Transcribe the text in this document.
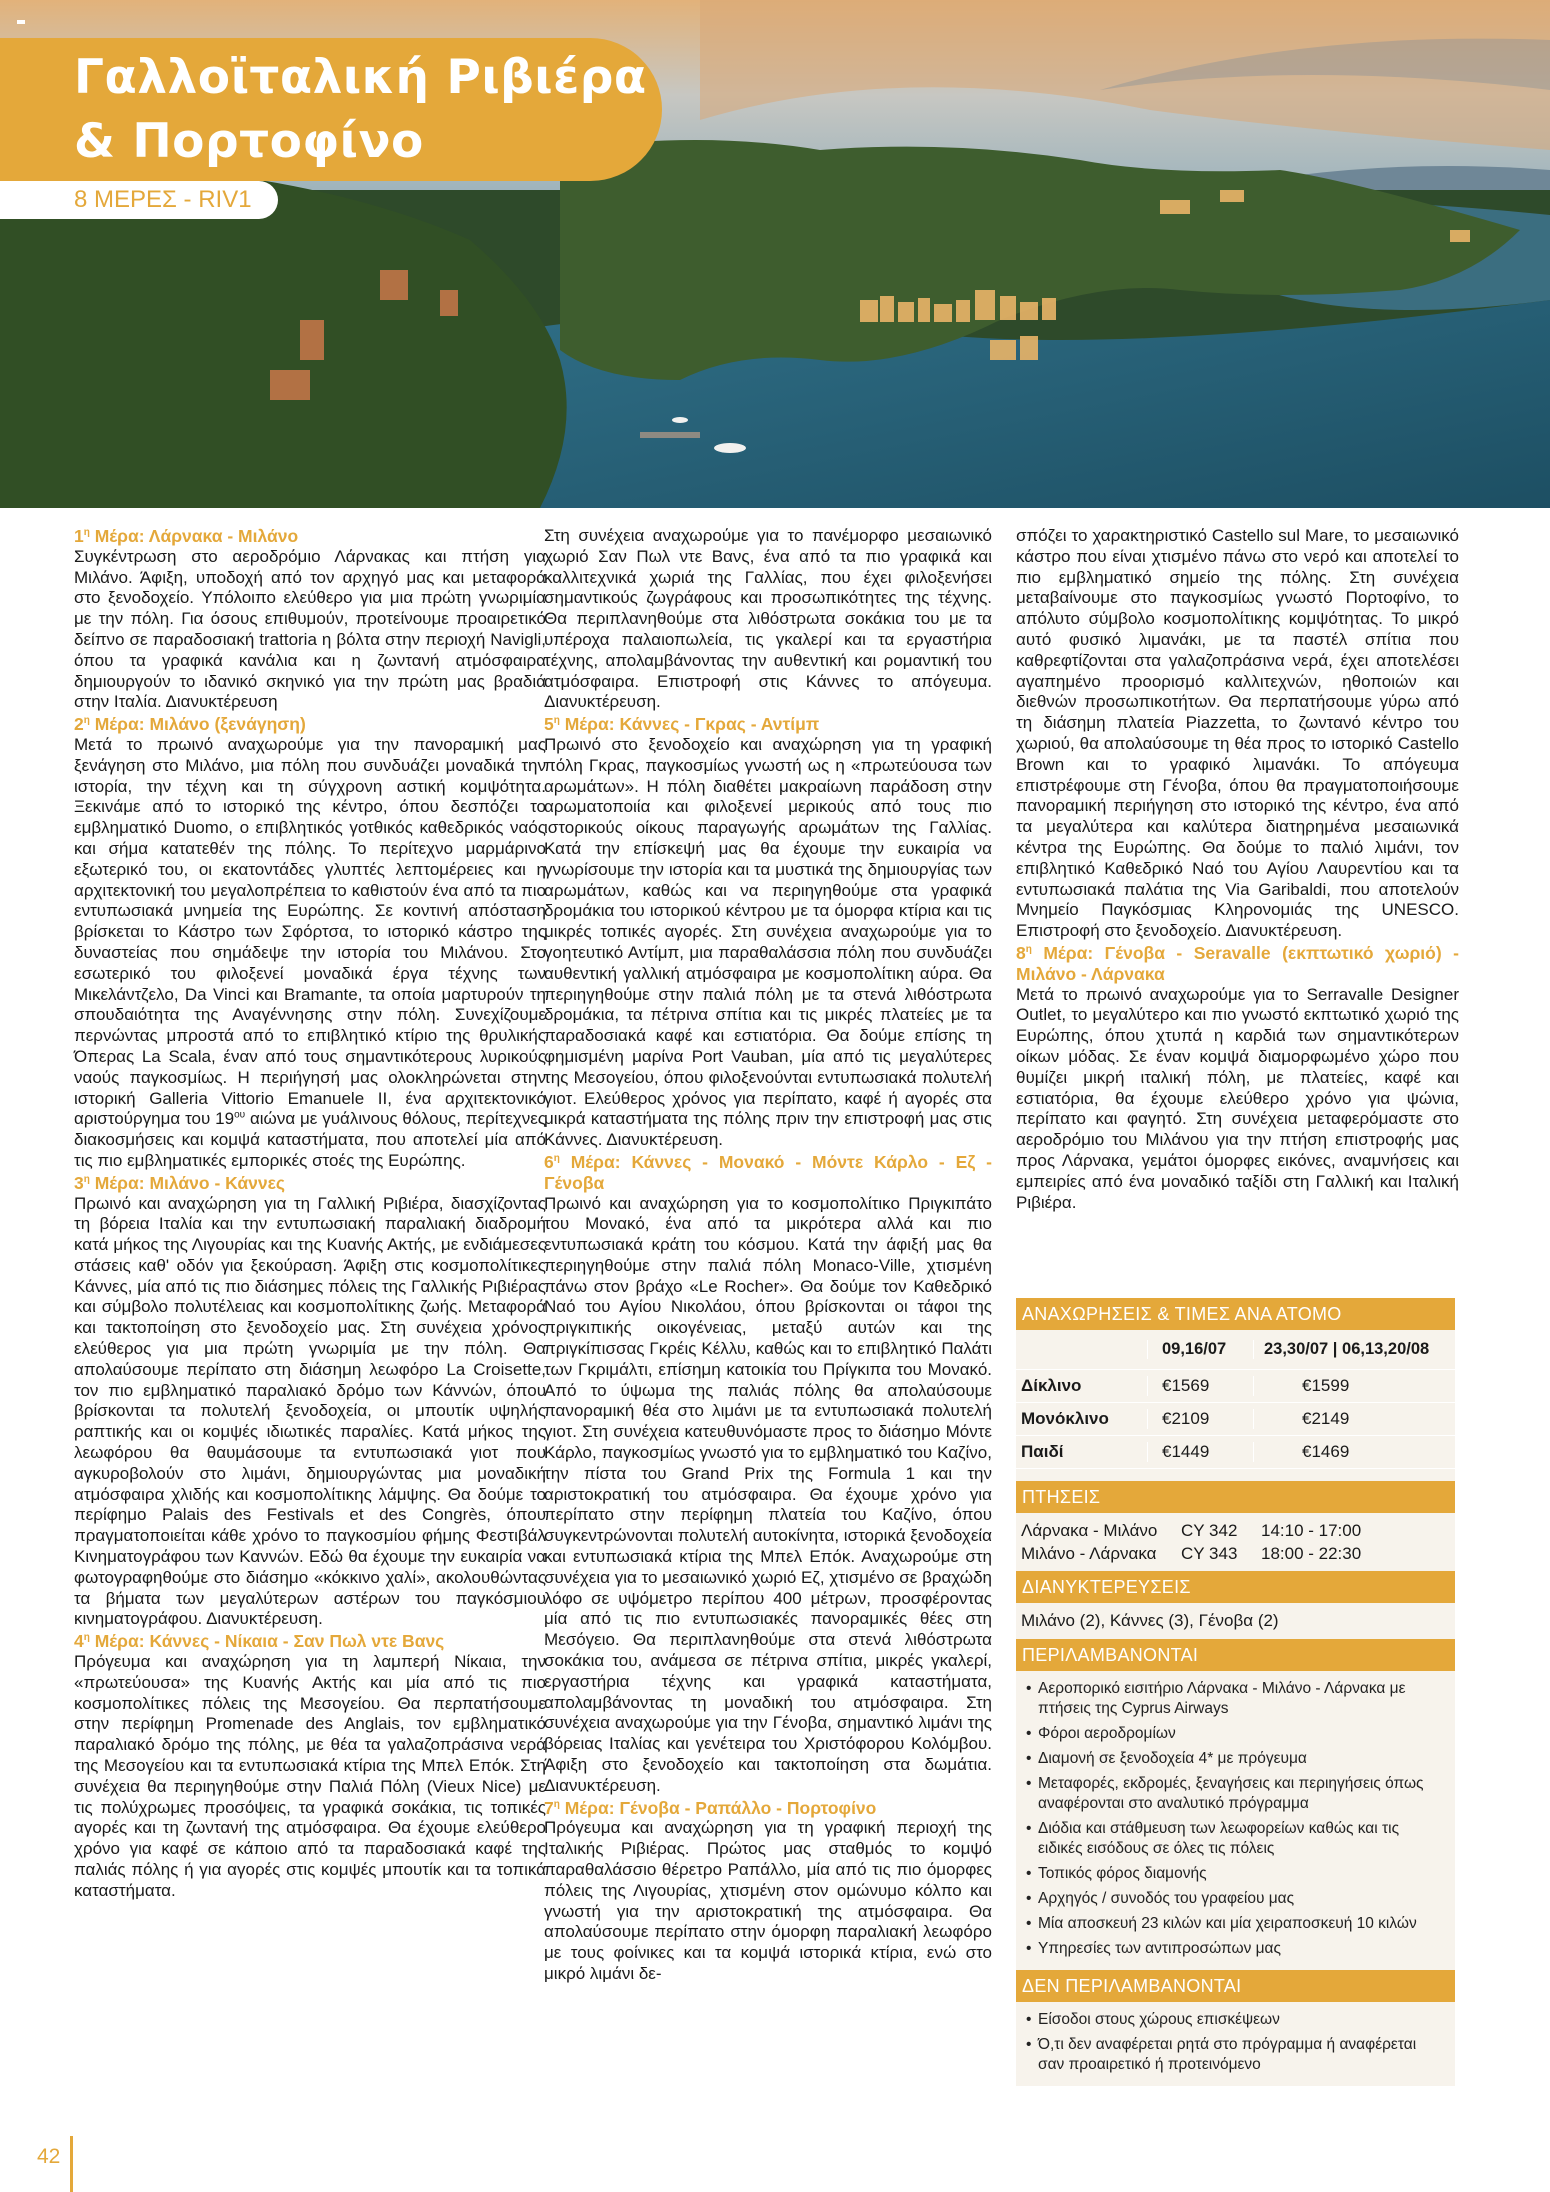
Γαλλοϊταλική Ριβιέρα
& Πορτοφίνο
8 ΜΕΡΕΣ - RIV1
$1^\eta$ Μέρα: Λάρνακα - Μιλάνο
Συγκέντρωση στο αεροδρόμιο Λάρνακας και πτήση για Μιλάνο. Άφιξη, υποδοχή από τον αρχηγό μας και μεταφορά στο ξενοδοχείο. Υπόλοιπο ελεύθερο για μια πρώτη γνωριμία με την πόλη. Για όσους επιθυμούν, προτείνουμε προαιρετικό δείπνο σε παραδοσιακή trattoria η βόλτα στην περιοχή Navigli, όπου τα γραφικά κανάλια και η ζωντανή ατμόσφαιρα δημιουργούν το ιδανικό σκηνικό για την πρώτη μας βραδιά στην Ιταλία. Διανυκτέρευση
$2^\eta$ Μέρα: Μιλάνο (ξενάγηση)
Μετά το πρωινό αναχωρούμε για την πανοραμική μας ξενάγηση στο Μιλάνο, μια πόλη που συνδυάζει μοναδικά την ιστορία, την τέχνη και τη σύγχρονη αστική κομψότητα. Ξεκινάμε από το ιστορικό της κέντρο, όπου δεσπόζει το εμβληματικό Duomo, ο επιβλητικός γοτθικός καθεδρικός ναός και σήμα κατατεθέν της πόλης. Το περίτεχνο μαρμάρινο εξωτερικό του, οι εκατοντάδες γλυπτές λεπτομέρειες και η αρχιτεκτονική του μεγαλοπρέπεια το καθιστούν ένα από τα πιο εντυπωσιακά μνημεία της Ευρώπης. Σε κοντινή απόσταση βρίσκεται το Κάστρο των Σφόρτσα, το ιστορικό κάστρο της δυναστείας που σημάδεψε την ιστορία του Μιλάνου. Στο εσωτερικό του φιλοξενεί μοναδικά έργα τέχνης των Μικελάντζελο, Da Vinci και Bramante, τα οποία μαρτυρούν τη σπουδαιότητα της Αναγέννησης στην πόλη. Συνεχίζουμε περνώντας μπροστά από το επιβλητικό κτίριο της θρυλικής Όπερας La Scala, έναν από τους σημαντικότερους λυρικούς ναούς παγκοσμίως. Η περιήγησή μας ολοκληρώνεται στην ιστορική Galleria Vittorio Emanuele II, ένα αρχιτεκτονικό αριστούργημα του $19^{o\upsilon}$ αιώνα με γυάλινους θόλους, περίτεχνες διακοσμήσεις και κομψά καταστήματα, που αποτελεί μία από τις πιο εμβληματικές εμπορικές στοές της Ευρώπης.
$3^\eta$ Μέρα: Μιλάνο - Κάννες
Πρωινό και αναχώρηση για τη Γαλλική Ριβιέρα, διασχίζοντας τη βόρεια Ιταλία και την εντυπωσιακή παραλιακή διαδρομή κατά μήκος της Λιγουρίας και της Κυανής Ακτής, με ενδιάμεσες στάσεις καθ' οδόν για ξεκούραση. Άφιξη στις κοσμοπολίτικες Κάννες, μία από τις πιο διάσημες πόλεις της Γαλλικής Ριβιέρας και σύμβολο πολυτέλειας και κοσμοπολίτικης ζωής. Μεταφορά και τακτοποίηση στο ξενοδοχείο μας. Στη συνέχεια χρόνος ελεύθερος για μια πρώτη γνωριμία με την πόλη. Θα απολαύσουμε περίπατο στη διάσημη λεωφόρο La Croisette, τον πιο εμβληματικό παραλιακό δρόμο των Κάννών, όπου βρίσκονται τα πολυτελή ξενοδοχεία, οι μπουτίκ υψηλής ραπτικής και οι κομψές ιδιωτικές παραλίες. Κατά μήκος της λεωφόρου θα θαυμάσουμε τα εντυπωσιακά γιοτ που αγκυροβολούν στο λιμάνι, δημιουργώντας μια μοναδική ατμόσφαιρα χλιδής και κοσμοπολίτικης λάμψης. Θα δούμε το περίφημο Palais des Festivals et des Congrès, όπου πραγματοποιείται κάθε χρόνο το παγκοσμίου φήμης Φεστιβάλ Κινηματογράφου των Καννών. Εδώ θα έχουμε την ευκαιρία να φωτογραφηθούμε στο διάσημο «κόκκινο χαλί», ακολουθώντας τα βήματα των μεγαλύτερων αστέρων του παγκόσμιου κινηματογράφου. Διανυκτέρευση.
$4^\eta$ Μέρα: Κάννες - Νίκαια - Σαν Πωλ ντε Βανς
Πρόγευμα και αναχώρηση για τη λαμπερή Νίκαια, την «πρωτεύουσα» της Κυανής Ακτής και μία από τις πιο κοσμοπολίτικες πόλεις της Μεσογείου. Θα περπατήσουμε στην περίφημη Promenade des Anglais, τον εμβληματικό παραλιακό δρόμο της πόλης, με θέα τα γαλαζοπράσινα νερά της Μεσογείου και τα εντυπωσιακά κτίρια της Μπελ Επόκ. Στη συνέχεια θα περιηγηθούμε στην Παλιά Πόλη (Vieux Nice) με τις πολύχρωμες προσόψεις, τα γραφικά σοκάκια, τις τοπικές αγορές και τη ζωντανή της ατμόσφαιρα. Θα έχουμε ελεύθερο χρόνο για καφέ σε κάποιο από τα παραδοσιακά καφέ της παλιάς πόλης ή για αγορές στις κομψές μπουτίκ και τα τοπικά καταστήματα.
Στη συνέχεια αναχωρούμε για το πανέμορφο μεσαιωνικό χωριό Σαν Πωλ ντε Βανς, ένα από τα πιο γραφικά και καλλιτεχνικά χωριά της Γαλλίας, που έχει φιλοξενήσει σημαντικούς ζωγράφους και προσωπικότητες της τέχνης. Θα περιπλανηθούμε στα λιθόστρωτα σοκάκια του με τα υπέροχα παλαιοπωλεία, τις γκαλερί και τα εργαστήρια τέχνης, απολαμβάνοντας την αυθεντική και ρομαντική του ατμόσφαιρα. Επιστροφή στις Κάννες το απόγευμα. Διανυκτέρευση.
$5^\eta$ Μέρα: Κάννες - Γκρας - Αντίμπ
Πρωινό στο ξενοδοχείο και αναχώρηση για τη γραφική πόλη Γκρας, παγκοσμίως γνωστή ως η «πρωτεύουσα των αρωμάτων». Η πόλη διαθέτει μακραίωνη παράδοση στην αρωματοποιία και φιλοξενεί μερικούς από τους πιο ιστορικούς οίκους παραγωγής αρωμάτων της Γαλλίας. Κατά την επίσκεψή μας θα έχουμε την ευκαιρία να γνωρίσουμε την ιστορία και τα μυστικά της δημιουργίας των αρωμάτων, καθώς και να περιηγηθούμε στα γραφικά δρομάκια του ιστορικού κέντρου με τα όμορφα κτίρια και τις μικρές τοπικές αγορές. Στη συνέχεια αναχωρούμε για το γοητευτικό Αντίμπ, μια παραθαλάσσια πόλη που συνδυάζει αυθεντική γαλλική ατμόσφαιρα με κοσμοπολίτικη αύρα. Θα περιηγηθούμε στην παλιά πόλη με τα στενά λιθόστρωτα δρομάκια, τα πέτρινα σπίτια και τις μικρές πλατείες με τα παραδοσιακά καφέ και εστιατόρια. Θα δούμε επίσης τη φημισμένη μαρίνα Port Vauban, μία από τις μεγαλύτερες της Μεσογείου, όπου φιλοξενούνται εντυπωσιακά πολυτελή γιοτ. Ελεύθερος χρόνος για περίπατο, καφέ ή αγορές στα μικρά καταστήματα της πόλης πριν την επιστροφή μας στις Κάννες. Διανυκτέρευση.
$6^\eta$ Μέρα: Κάννες - Μονακό - Μόντε Κάρλο - Εζ - Γένοβα
Πρωινό και αναχώρηση για το κοσμοπολίτικο Πριγκιπάτο του Μονακό, ένα από τα μικρότερα αλλά και πιο εντυπωσιακά κράτη του κόσμου. Κατά την άφιξή μας θα περιηγηθούμε στην παλιά πόλη Monaco-Ville, χτισμένη πάνω στον βράχο «Le Rocher». Θα δούμε τον Καθεδρικό Ναό του Αγίου Νικολάου, όπου βρίσκονται οι τάφοι της πριγκιπικής οικογένειας, μεταξύ αυτών και της πριγκίπισσας Γκρέις Κέλλυ, καθώς και το επιβλητικό Παλάτι των Γκριμάλτι, επίσημη κατοικία του Πρίγκιπα του Μονακό. Από το ύψωμα της παλιάς πόλης θα απολαύσουμε πανοραμική θέα στο λιμάνι με τα εντυπωσιακά πολυτελή γιοτ. Στη συνέχεια κατευθυνόμαστε προς το διάσημο Μόντε Κάρλο, παγκοσμίως γνωστό για το εμβληματικό του Καζίνο, την πίστα του Grand Prix της Formula 1 και την αριστοκρατική του ατμόσφαιρα. Θα έχουμε χρόνο για περίπατο στην περίφημη πλατεία του Καζίνο, όπου συγκεντρώνονται πολυτελή αυτοκίνητα, ιστορικά ξενοδοχεία και εντυπωσιακά κτίρια της Μπελ Επόκ. Αναχωρούμε στη συνέχεια για το μεσαιωνικό χωριό Εζ, χτισμένο σε βραχώδη λόφο σε υψόμετρο περίπου 400 μέτρων, προσφέροντας μία από τις πιο εντυπωσιακές πανοραμικές θέες στη Μεσόγειο. Θα περιπλανηθούμε στα στενά λιθόστρωτα σοκάκια του, ανάμεσα σε πέτρινα σπίτια, μικρές γκαλερί, εργαστήρια τέχνης και γραφικά καταστήματα, απολαμβάνοντας τη μοναδική του ατμόσφαιρα. Στη συνέχεια αναχωρούμε για την Γένοβα, σημαντικό λιμάνι της βόρειας Ιταλίας και γενέτειρα του Χριστόφορου Κολόμβου. Άφιξη στο ξενοδοχείο και τακτοποίηση στα δωμάτια. Διανυκτέρευση.
$7^\eta$ Μέρα: Γένοβα - Ραπάλλο - Πορτοφίνο
Πρόγευμα και αναχώρηση για τη γραφική περιοχή της Ιταλικής Ριβιέρας. Πρώτος μας σταθμός το κομψό παραθαλάσσιο θέρετρο Ραπάλλο, μία από τις πιο όμορφες πόλεις της Λιγουρίας, χτισμένη στον ομώνυμο κόλπο και γνωστή για την αριστοκρατική της ατμόσφαιρα. Θα απολαύσουμε περίπατο στην όμορφη παραλιακή λεωφόρο με τους φοίνικες και τα κομψά ιστορικά κτίρια, ενώ στο μικρό λιμάνι δε-
σπόζει το χαρακτηριστικό Castello sul Mare, το μεσαιωνικό κάστρο που είναι χτισμένο πάνω στο νερό και αποτελεί το πιο εμβληματικό σημείο της πόλης. Στη συνέχεια μεταβαίνουμε στο παγκοσμίως γνωστό Πορτοφίνο, το απόλυτο σύμβολο κοσμοπολίτικης κομψότητας. Το μικρό αυτό φυσικό λιμανάκι, με τα παστέλ σπίτια που καθρεφτίζονται στα γαλαζοπράσινα νερά, έχει αποτελέσει αγαπημένο προορισμό καλλιτεχνών, ηθοποιών και διεθνών προσωπικοτήτων. Θα περπατήσουμε γύρω από τη διάσημη πλατεία Piazzetta, το ζωντανό κέντρο του χωριού, θα απολαύσουμε τη θέα προς το ιστορικό Castello Brown και το γραφικό λιμανάκι. Το απόγευμα επιστρέφουμε στη Γένοβα, όπου θα πραγματοποιήσουμε πανοραμική περιήγηση στο ιστορικό της κέντρο, ένα από τα μεγαλύτερα και καλύτερα διατηρημένα μεσαιωνικά κέντρα της Ευρώπης. Θα δούμε το παλιό λιμάνι, τον επιβλητικό Καθεδρικό Ναό του Αγίου Λαυρεντίου και τα εντυπωσιακά παλάτια της Via Garibaldi, που αποτελούν Μνημείο Παγκόσμιας Κληρονομιάς της UNESCO. Επιστροφή στο ξενοδοχείο. Διανυκτέρευση.
$8^\eta$ Μέρα: Γένοβα - Seravalle (εκπτωτικό χωριό) - Μιλάνο - Λάρνακα
Μετά το πρωινό αναχωρούμε για το Serravalle Designer Outlet, το μεγαλύτερο και πιο γνωστό εκπτωτικό χωριό της Ευρώπης, όπου χτυπά η καρδιά των σημαντικότερων οίκων μόδας. Σε έναν κομψά διαμορφωμένο χώρο που θυμίζει μικρή ιταλική πόλη, με πλατείες, καφέ και εστιατόρια, θα έχουμε ελεύθερο χρόνο για ψώνια, περίπατο και φαγητό. Στη συνέχεια μεταφερόμαστε στο αεροδρόμιο του Μιλάνου για την πτήση επιστροφής μας προς Λάρνακα, γεμάτοι όμορφες εικόνες, αναμνήσεις και εμπειρίες από ένα μοναδικό ταξίδι στη Γαλλική και Ιταλική Ριβιέρα.
ΑΝΑΧΩΡΗΣΕΙΣ & ΤΙΜΕΣ ΑΝΑ ΑΤΟΜΟ
09,16/07	23,30/07 | 06,13,20/08
Δίκλινο	€1569	€1599
Μονόκλινο	€2109	€2149
Παιδί	€1449	€1469
ΠΤΗΣΕΙΣ
Λάρνακα - Μιλάνο	CY 342	14:10 - 17:00
Μιλάνο - Λάρνακα	CY 343	18:00 - 22:30
ΔΙΑΝΥΚΤΕΡΕΥΣΕΙΣ
Μιλάνο (2), Κάννες (3), Γένοβα (2)
ΠΕΡΙΛΑΜΒΑΝΟΝΤΑΙ
• Αεροπορικό εισιτήριο Λάρνακα - Μιλάνο - Λάρνακα με πτήσεις της Cyprus Airways
• Φόροι αεροδρομίων
• Διαμονή σε ξενοδοχεία 4* με πρόγευμα
• Μεταφορές, εκδρομές, ξεναγήσεις και περιηγήσεις όπως αναφέρονται στο αναλυτικό πρόγραμμα
• Διόδια και στάθμευση των λεωφορείων καθώς και τις ειδικές εισόδους σε όλες τις πόλεις
• Τοπικός φόρος διαμονής
• Αρχηγός / συνοδός του γραφείου μας
• Μία αποσκευή 23 κιλών και μία χειραποσκευή 10 κιλών
• Υπηρεσίες των αντιπροσώπων μας
ΔΕΝ ΠΕΡΙΛΑΜΒΑΝΟΝΤΑΙ
• Είσοδοι στους χώρους επισκέψεων
• Ό,τι δεν αναφέρεται ρητά στο πρόγραμμα ή αναφέρεται σαν προαιρετικό ή προτεινόμενο
42
